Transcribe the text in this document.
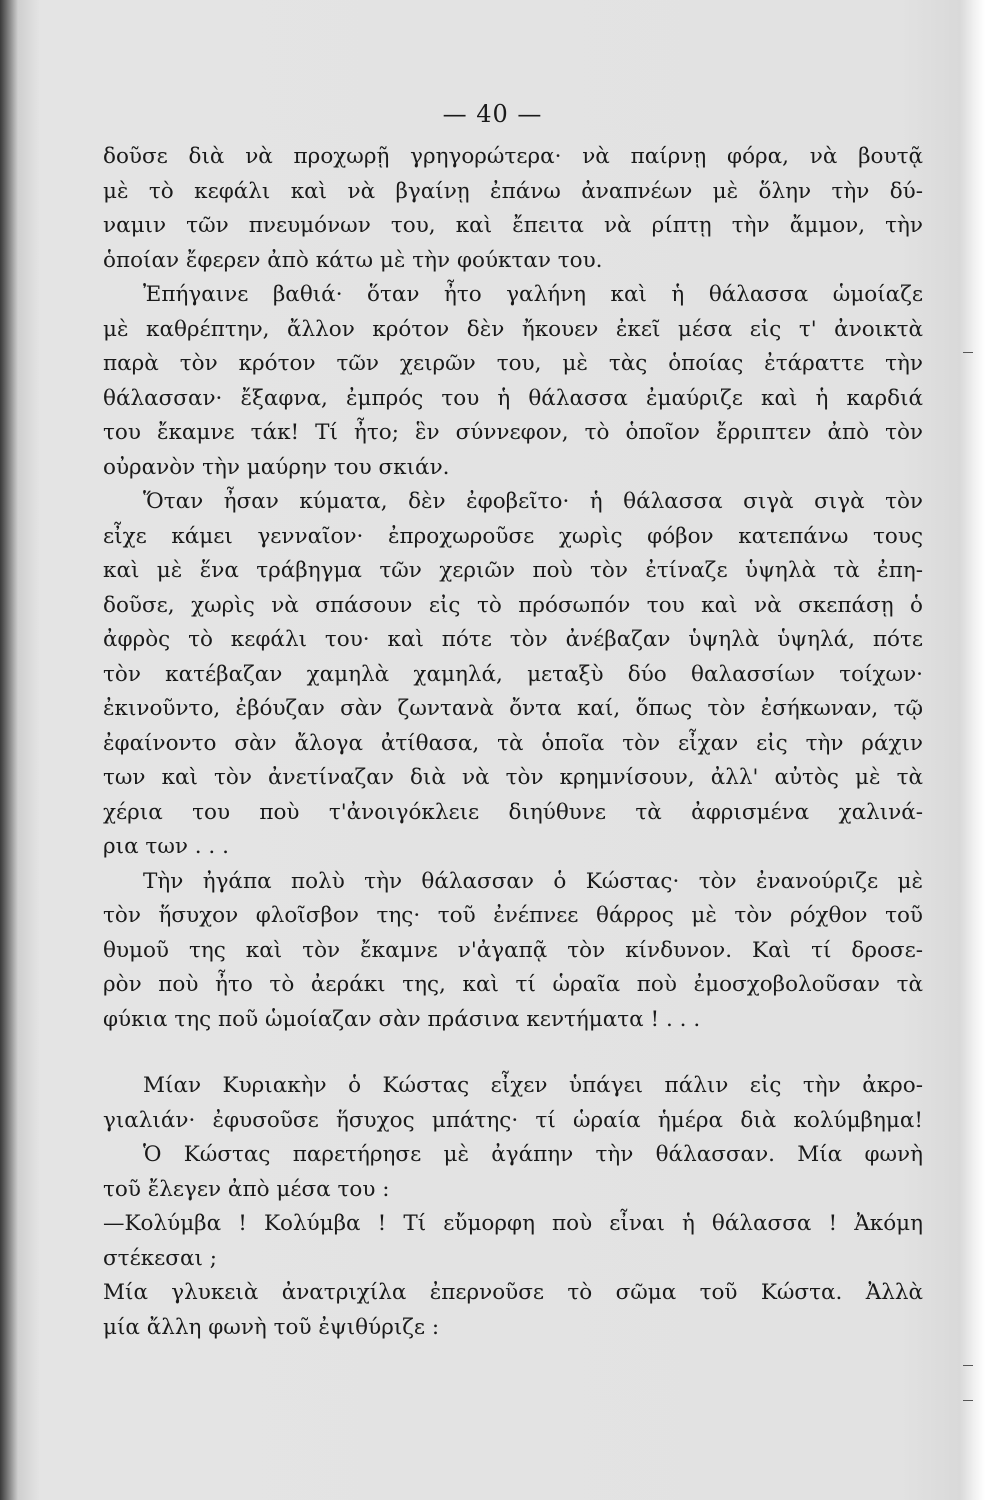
— 40 —
δοῦσε διὰ νὰ προχωρῇ γρηγορώτερα· νὰ παίρνῃ φόρα, νὰ βουτᾷ
μὲ τὸ κεφάλι καὶ νὰ βγαίνῃ ἐπάνω ἀναπνέων μὲ ὅλην τὴν δύ-
ναμιν τῶν πνευμόνων του, καὶ ἔπειτα νὰ ρίπτῃ τὴν ἄμμον, τὴν
ὁποίαν ἔφερεν ἀπὸ κάτω μὲ τὴν φούκταν του.
Ἐπήγαινε βαθιά· ὅταν ἦτο γαλήνη καὶ ἡ θάλασσα ὡμοίαζε
μὲ καθρέπτην, ἄλλον κρότον δὲν ἤκουεν ἐκεῖ μέσα εἰς τ' ἀνοικτὰ
παρὰ τὸν κρότον τῶν χειρῶν του, μὲ τὰς ὁποίας ἐτάραττε τὴν
θάλασσαν· ἔξαφνα, ἐμπρός του ἡ θάλασσα ἐμαύριζε καὶ ἡ καρδιά
του ἔκαμνε τάκ! Τί ἦτο; ἓν σύννεφον, τὸ ὁποῖον ἔρριπτεν ἀπὸ τὸν
οὐρανὸν τὴν μαύρην του σκιάν.
Ὅταν ἦσαν κύματα, δὲν ἐφοβεῖτο· ἡ θάλασσα σιγὰ σιγὰ τὸν
εἶχε κάμει γενναῖον· ἐπροχωροῦσε χωρὶς φόβον κατεπάνω τους
καὶ μὲ ἕνα τράβηγμα τῶν χεριῶν ποὺ τὸν ἐτίναζε ὑψηλὰ τὰ ἐπη-
δοῦσε, χωρὶς νὰ σπάσουν εἰς τὸ πρόσωπόν του καὶ νὰ σκεπάσῃ ὁ
ἀφρὸς τὸ κεφάλι του· καὶ πότε τὸν ἀνέβαζαν ὑψηλὰ ὑψηλά, πότε
τὸν κατέβαζαν χαμηλὰ χαμηλά, μεταξὺ δύο θαλασσίων τοίχων·
ἐκινοῦντο, ἐβόυζαν σὰν ζωντανὰ ὄντα καί, ὅπως τὸν ἐσήκωναν, τῷ
ἐφαίνοντο σὰν ἄλογα ἀτίθασα, τὰ ὁποῖα τὸν εἶχαν εἰς τὴν ράχιν
των καὶ τὸν ἀνετίναζαν διὰ νὰ τὸν κρημνίσουν, ἀλλ' αὐτὸς μὲ τὰ
χέρια του ποὺ τ'ἀνοιγόκλειε διηύθυνε τὰ ἀφρισμένα χαλινά-
ρια των . . .
Τὴν ἠγάπα πολὺ τὴν θάλασσαν ὁ Κώστας· τὸν ἐνανούριζε μὲ
τὸν ἥσυχον φλοῖσβον της· τοῦ ἐνέπνεε θάρρος μὲ τὸν ρόχθον τοῦ
θυμοῦ της καὶ τὸν ἔκαμνε ν'ἀγαπᾷ τὸν κίνδυνον. Καὶ τί δροσε-
ρὸν ποὺ ἦτο τὸ ἀεράκι της, καὶ τί ὡραῖα ποὺ ἐμοσχοβολοῦσαν τὰ
φύκια της ποῦ ὡμοίαζαν σὰν πράσινα κεντήματα ! . . .
Μίαν Κυριακὴν ὁ Κώστας εἶχεν ὑπάγει πάλιν εἰς τὴν ἀκρο-
γιαλιάν· ἐφυσοῦσε ἥσυχος μπάτης· τί ὡραία ἡμέρα διὰ κολύμβημα!
Ὁ Κώστας παρετήρησε μὲ ἀγάπην τὴν θάλασσαν. Μία φωνὴ
τοῦ ἔλεγεν ἀπὸ μέσα του :
—Κολύμβα ! Κολύμβα ! Τί εὔμορφη ποὺ εἶναι ἡ θάλασσα ! Ἀκόμη
στέκεσαι ;
Μία γλυκειὰ ἀνατριχίλα ἐπερνοῦσε τὸ σῶμα τοῦ Κώστα. Ἀλλὰ
μία ἄλλη φωνὴ τοῦ ἐψιθύριζε :
